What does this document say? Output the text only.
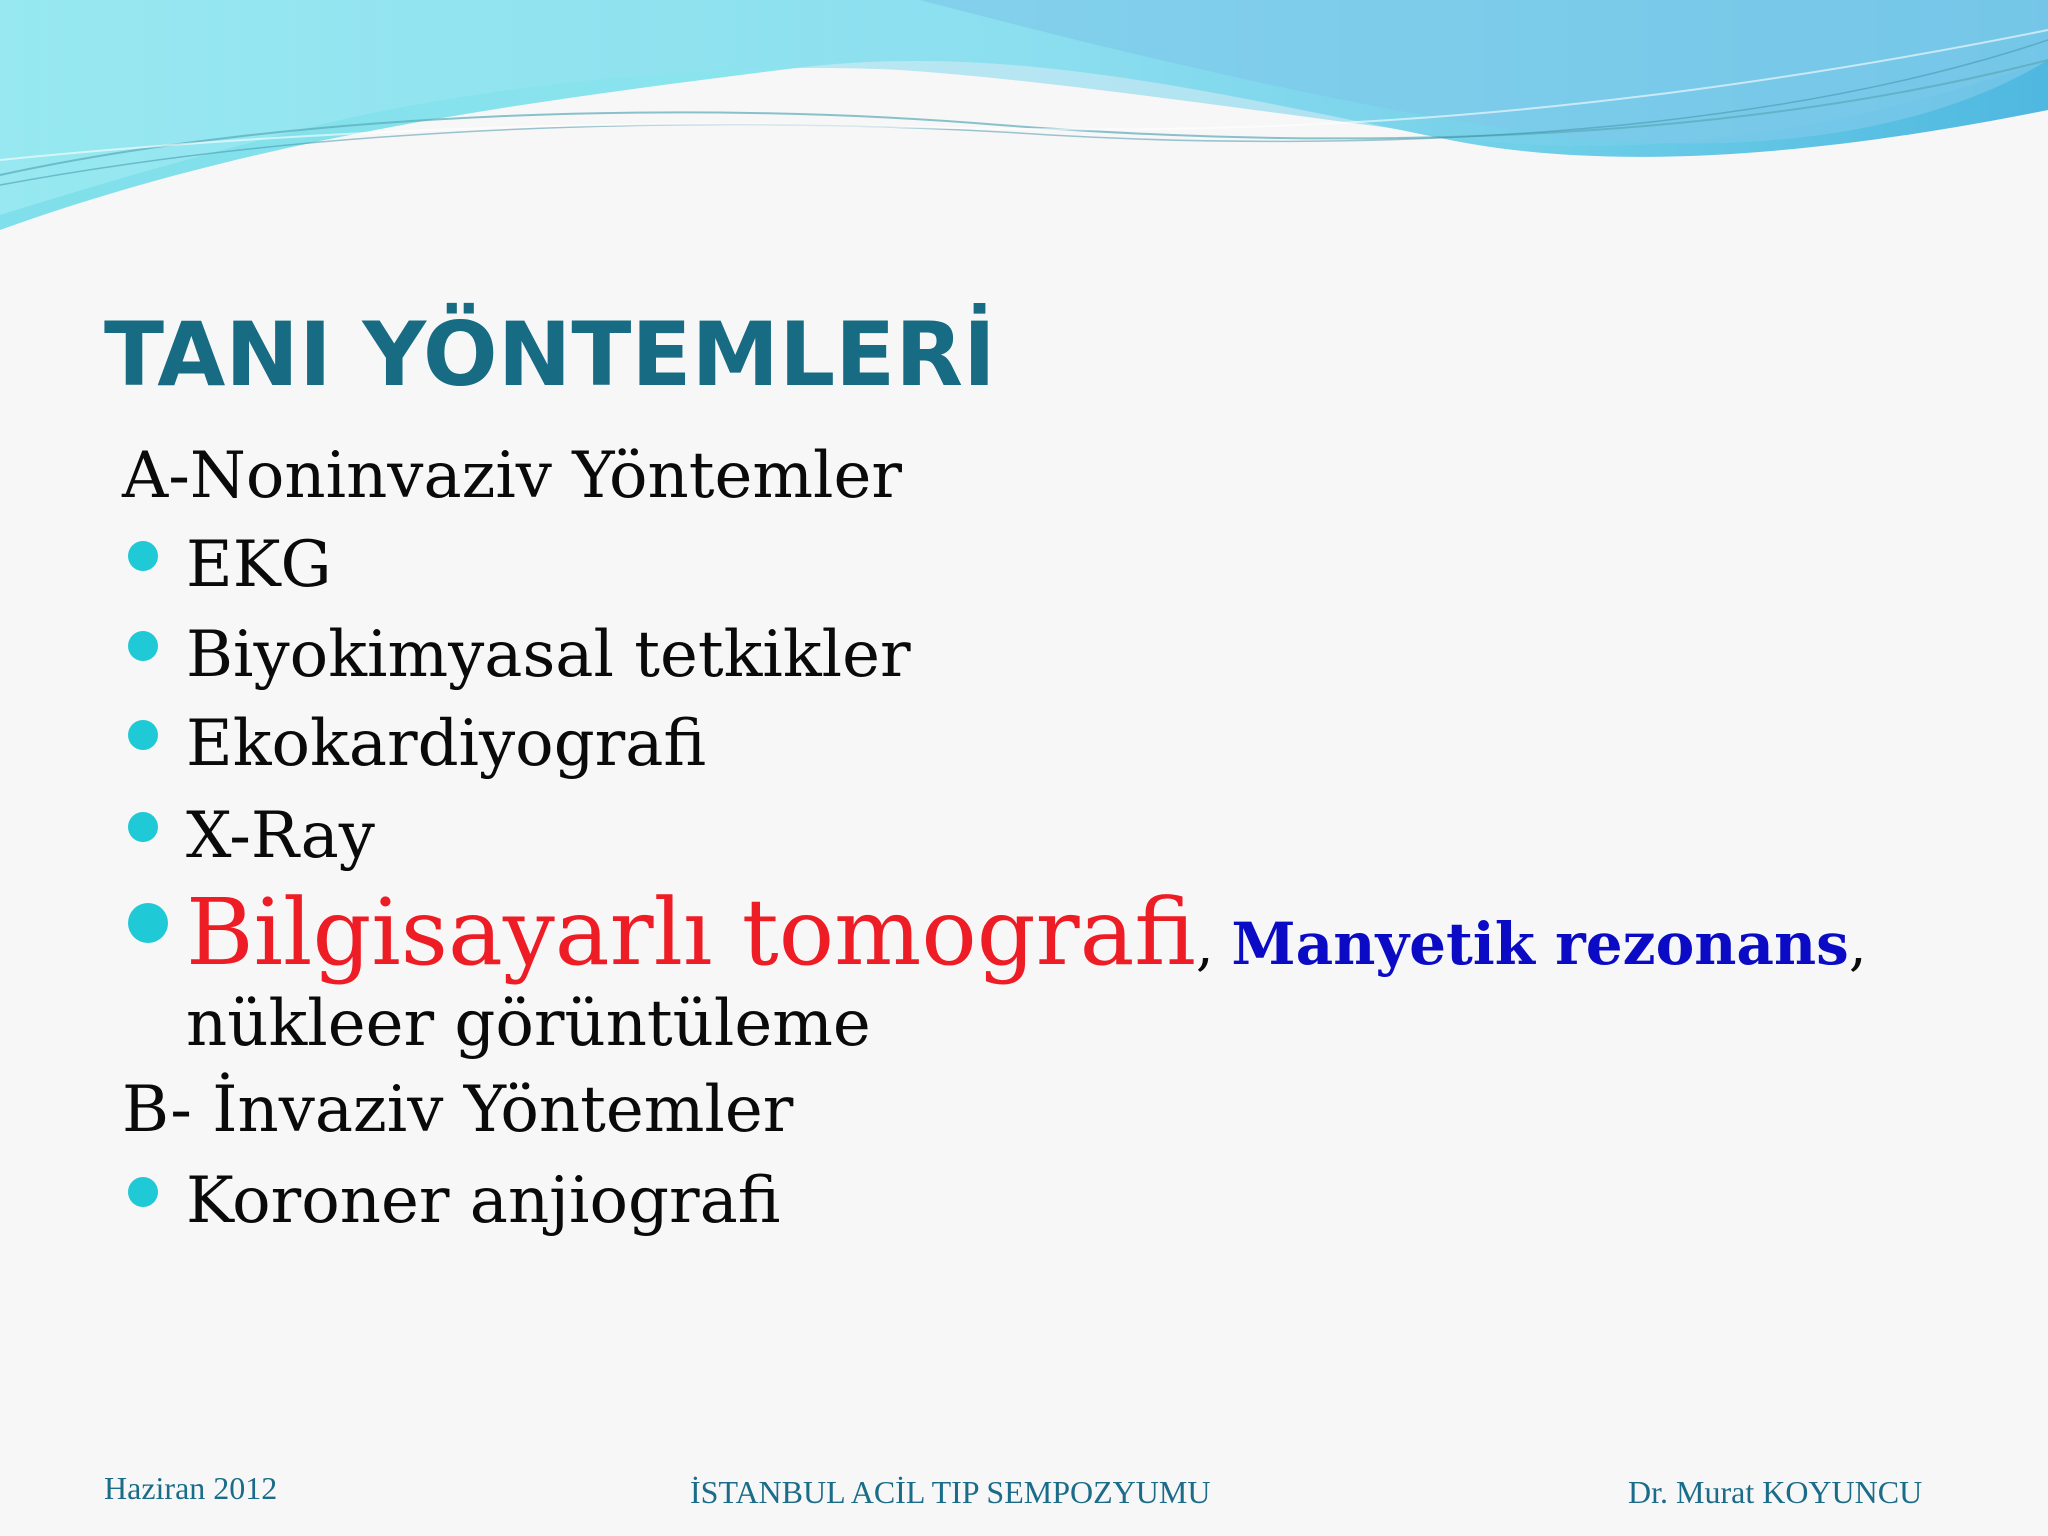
TANI YÖNTEMLERİ
A-Noninvaziv Yöntemler
EKG
Biyokimyasal tetkikler
Ekokardiyografi
X-Ray
Bilgisayarlı tomografi, Manyetik rezonans,
nükleer görüntüleme
B- İnvaziv Yöntemler
Koroner anjiografi
Haziran 2012	İSTANBUL ACİL TIP SEMPOZYUMU	Dr. Murat KOYUNCU
